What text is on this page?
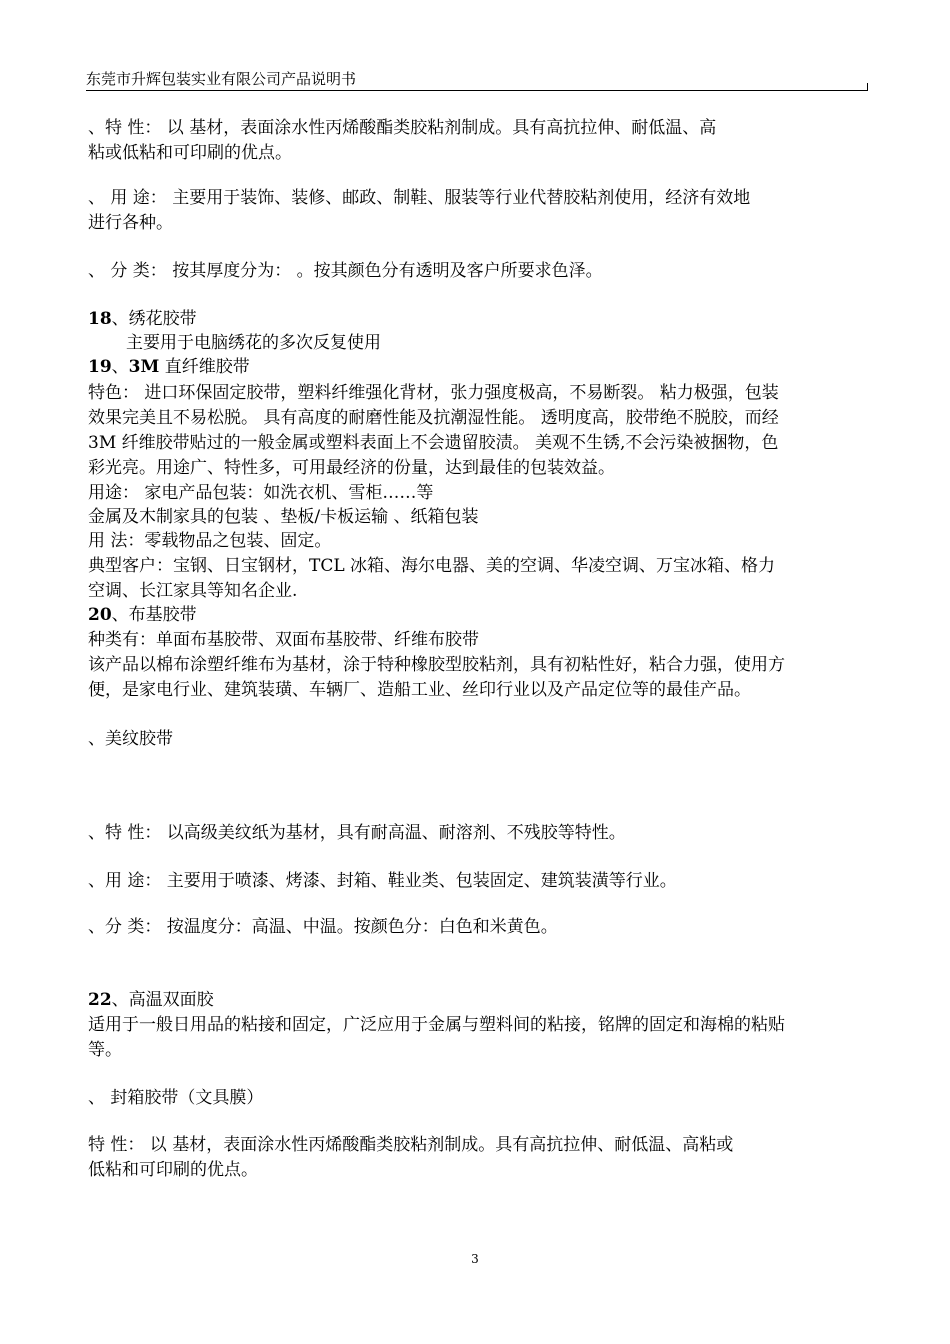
东莞市升辉包装实业有限公司产品说明书
、特 性： 以 基材，表面涂水性丙烯酸酯类胶粘剂制成。具有高抗拉伸、耐低温、高
粘或低粘和可印刷的优点。
、 用 途： 主要用于装饰、装修、邮政、制鞋、服装等行业代替胶粘剂使用，经济有效地
进行各种。
、 分 类： 按其厚度分为： 。按其颜色分有透明及客户所要求色泽。
18、绣花胶带
主要用于电脑绣花的多次反复使用
19、3M 直纤维胶带
特色： 进口环保固定胶带，塑料纤维强化背材，张力强度极高，不易断裂。 粘力极强，包装
效果完美且不易松脱。 具有高度的耐磨性能及抗潮湿性能。 透明度高，胶带绝不脱胶，而经
3M 纤维胶带贴过的一般金属或塑料表面上不会遗留胶渍。 美观不生锈,不会污染被捆物，色
彩光亮。用途广、特性多，可用最经济的份量，达到最佳的包装效益。
用途： 家电产品包装：如洗衣机、雪柜……等
金属及木制家具的包装 、垫板/卡板运输 、纸箱包装
用 法：零载物品之包装、固定。
典型客户：宝钢、日宝钢材，TCL 冰箱、海尔电器、美的空调、华凌空调、万宝冰箱、格力
空调、长江家具等知名企业.
20、布基胶带
种类有：单面布基胶带、双面布基胶带、纤维布胶带
该产品以棉布涂塑纤维布为基材，涂于特种橡胶型胶粘剂，具有初粘性好，粘合力强，使用方
便，是家电行业、建筑装璜、车辆厂、造船工业、丝印行业以及产品定位等的最佳产品。
、美纹胶带
、特 性： 以高级美纹纸为基材，具有耐高温、耐溶剂、不残胶等特性。
、用 途： 主要用于喷漆、烤漆、封箱、鞋业类、包装固定、建筑装潢等行业。
、分 类： 按温度分：高温、中温。按颜色分：白色和米黄色。
22、高温双面胶
适用于一般日用品的粘接和固定，广泛应用于金属与塑料间的粘接，铭牌的固定和海棉的粘贴
等。
、 封箱胶带（文具膜）
特 性： 以 基材，表面涂水性丙烯酸酯类胶粘剂制成。具有高抗拉伸、耐低温、高粘或
低粘和可印刷的优点。
3
